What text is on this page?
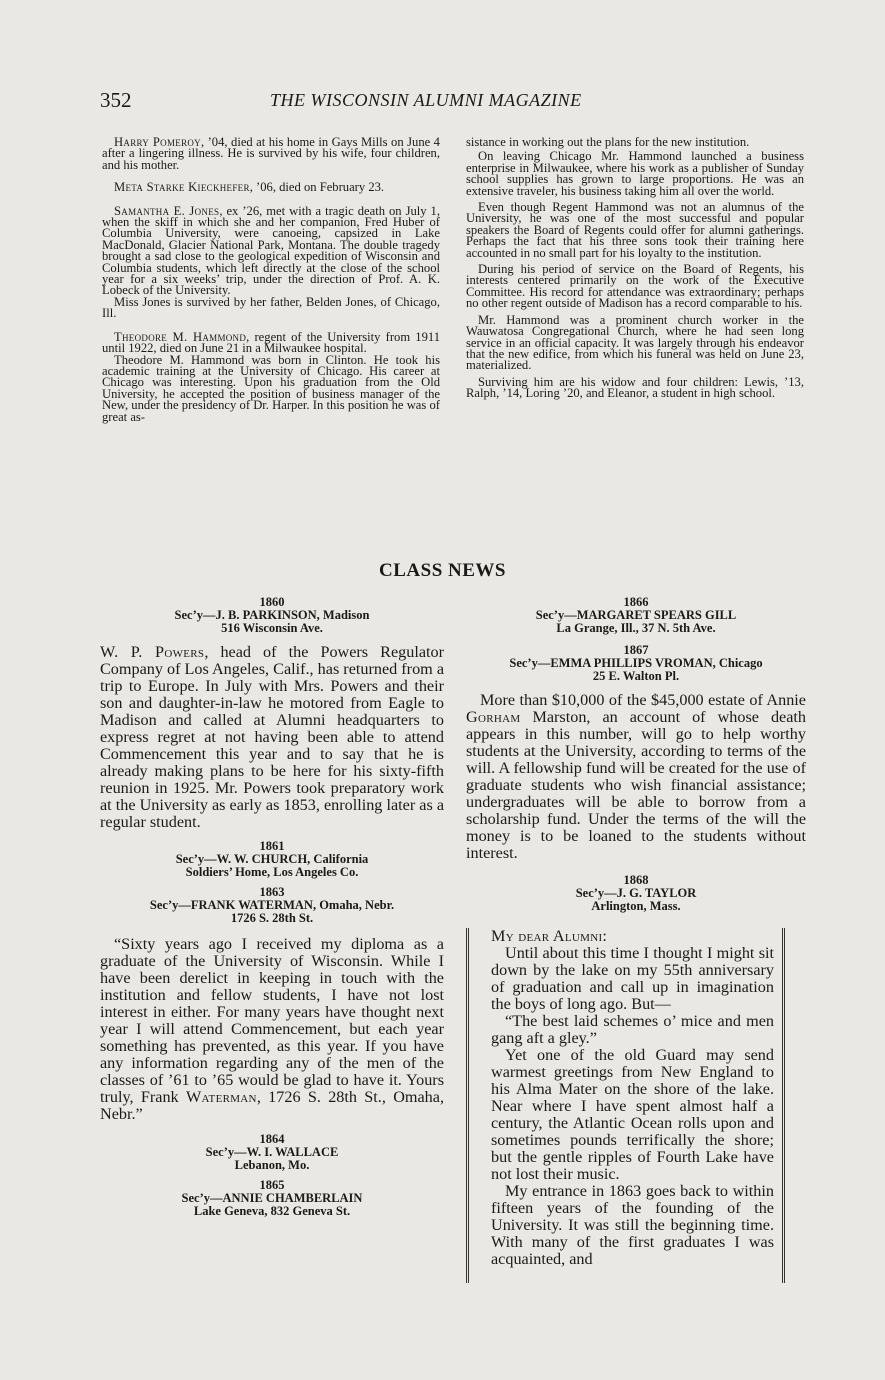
352	THE WISCONSIN ALUMNI MAGAZINE

Harry Pomeroy, ’04, died at his home in Gays Mills on June 4 after a lingering illness. He is survived by his wife, four children, and his mother.

Meta Starke Kieckhefer, ’06, died on February 23.

Samantha E. Jones, ex ’26, met with a tragic death on July 1, when the skiff in which she and her companion, Fred Huber of Columbia University, were canoeing, capsized in Lake MacDonald, Glacier National Park, Montana. The double tragedy brought a sad close to the geological expedition of Wisconsin and Columbia students, which left directly at the close of the school year for a six weeks’ trip, under the direction of Prof. A. K. Lobeck of the University.

Miss Jones is survived by her father, Belden Jones, of Chicago, Ill.

Theodore M. Hammond, regent of the University from 1911 until 1922, died on June 21 in a Milwaukee hospital.

Theodore M. Hammond was born in Clinton. He took his academic training at the University of Chicago. His career at Chicago was interesting. Upon his graduation from the Old University, he accepted the position of business manager of the New, under the presidency of Dr. Harper. In this position he was of great as-

sistance in working out the plans for the new institution.

On leaving Chicago Mr. Hammond launched a business enterprise in Milwaukee, where his work as a publisher of Sunday school supplies has grown to large proportions. He was an extensive traveler, his business taking him all over the world.

Even though Regent Hammond was not an alumnus of the University, he was one of the most successful and popular speakers the Board of Regents could offer for alumni gatherings. Perhaps the fact that his three sons took their training here accounted in no small part for his loyalty to the institution.

During his period of service on the Board of Regents, his interests centered primarily on the work of the Executive Committee. His record for attendance was extraordinary; perhaps no other regent outside of Madison has a record comparable to his.

Mr. Hammond was a prominent church worker in the Wauwatosa Congregational Church, where he had seen long service in an official capacity. It was largely through his endeavor that the new edifice, from which his funeral was held on June 23, materialized.

Surviving him are his widow and four children: Lewis, ’13, Ralph, ’14, Loring ’20, and Eleanor, a student in high school.

CLASS NEWS
1860
Sec’y—J. B. PARKINSON, Madison
516 Wisconsin Ave.

W. P. Powers, head of the Powers Regulator Company of Los Angeles, Calif., has returned from a trip to Europe. In July with Mrs. Powers and their son and daughter-in-law he motored from Eagle to Madison and called at Alumni headquarters to express regret at not having been able to attend Commencement this year and to say that he is already making plans to be here for his sixty-fifth reunion in 1925. Mr. Powers took preparatory work at the University as early as 1853, enrolling later as a regular student.

1861
Sec’y—W. W. CHURCH, California
Soldiers’ Home, Los Angeles Co.
1863
Sec’y—FRANK WATERMAN, Omaha, Nebr.
1726 S. 28th St.

“Sixty years ago I received my diploma as a graduate of the University of Wisconsin. While I have been derelict in keeping in touch with the institution and fellow students, I have not lost interest in either. For many years have thought next year I will attend Commencement, but each year something has prevented, as this year. If you have any information regarding any of the men of the classes of ’61 to ’65 would be glad to have it. Yours truly, Frank Waterman, 1726 S. 28th St., Omaha, Nebr.”

1864
Sec’y—W. I. WALLACE
Lebanon, Mo.
1865
Sec’y—ANNIE CHAMBERLAIN
Lake Geneva, 832 Geneva St.
1866
Sec’y—MARGARET SPEARS GILL
La Grange, Ill., 37 N. 5th Ave.
1867
Sec’y—EMMA PHILLIPS VROMAN, Chicago
25 E. Walton Pl.

More than $10,000 of the $45,000 estate of Annie Gorham Marston, an account of whose death appears in this number, will go to help worthy students at the University, according to terms of the will. A fellowship fund will be created for the use of graduate students who wish financial assistance; undergraduates will be able to borrow from a scholarship fund. Under the terms of the will the money is to be loaned to the students without interest.

1868
Sec’y—J. G. TAYLOR
Arlington, Mass.

My dear Alumni:

Until about this time I thought I might sit down by the lake on my 55th anniversary of graduation and call up in imagination the boys of long ago. But—

“The best laid schemes o’ mice and men gang aft a gley.”

Yet one of the old Guard may send warmest greetings from New England to his Alma Mater on the shore of the lake. Near where I have spent almost half a century, the Atlantic Ocean rolls upon and sometimes pounds terrifically the shore; but the gentle ripples of Fourth Lake have not lost their music.

My entrance in 1863 goes back to within fifteen years of the founding of the University. It was still the beginning time. With many of the first graduates I was acquainted, and
